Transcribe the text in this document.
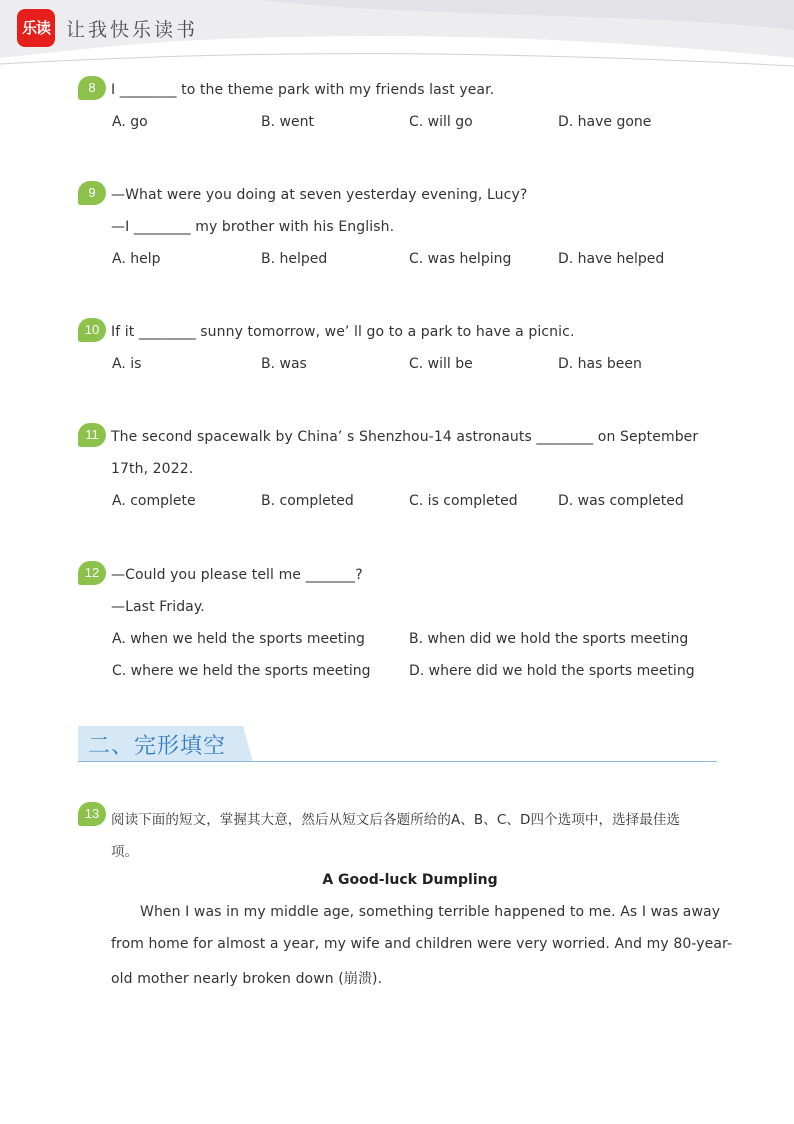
乐读 让我快乐读书
8	I ________ to the theme park with my friends last year.
A. go	B. went	C. will go	D. have gone
9	—What were you doing at seven yesterday evening, Lucy?
—I ________ my brother with his English.
A. help	B. helped	C. was helping	D. have helped
10 If it ________ sunny tomorrow, we’ ll go to a park to have a picnic.
A. is	B. was	C. will be	D. has been
11 The second spacewalk by China’ s Shenzhou-14 astronauts ________ on September
17th, 2022.
A. complete	B. completed	C. is completed	D. was completed
12 —Could you please tell me _______?
—Last Friday.
A. when we held the sports meeting	B. when did we hold the sports meeting
C. where we held the sports meeting	D. where did we hold the sports meeting
二、完形填空
13 阅读下面的短文，掌握其大意，然后从短文后各题所给的A、B、C、D四个选项中，选择最佳选
项。
A Good-luck Dumpling
When I was in my middle age, something terrible happened to me. As I was away
from home for almost a year, my wife and children were very worried. And my 80-year-
old mother nearly broken down (崩溃).
